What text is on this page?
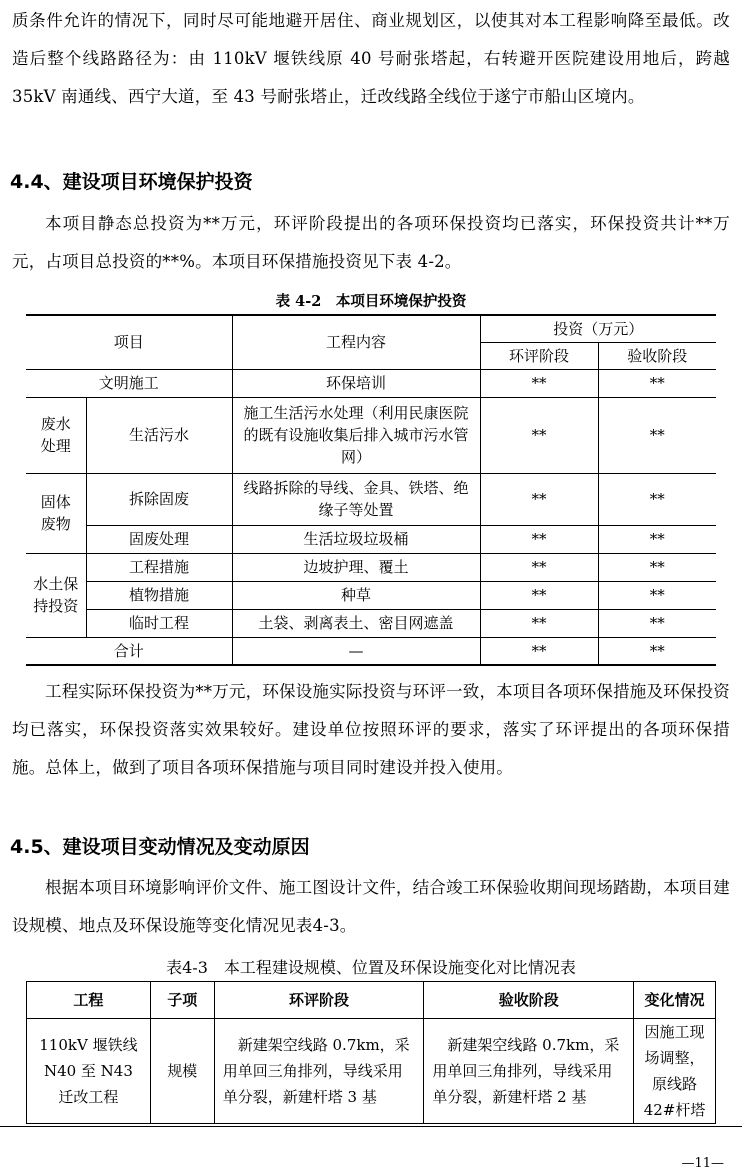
质条件允许的情况下，同时尽可能地避开居住、商业规划区，以使其对本工程影响降至最低。改造后整个线路路径为：由 110kV 堰铁线原 40 号耐张塔起，右转避开医院建设用地后，跨越 35kV 南通线、西宁大道，至 43 号耐张塔止，迁改线路全线位于遂宁市船山区境内。

4.4、建设项目环境保护投资

本项目静态总投资为**万元，环评阶段提出的各项环保投资均已落实，环保投资共计**万元，占项目总投资的**%。本项目环保措施投资见下表 4-2。

表 4-2　本项目环境保护投资
项目		工程内容	投资（万元）	
			环评阶段	验收阶段
文明施工		环保培训	**	**
废水处理	生活污水	施工生活污水处理（利用民康医院的既有设施收集后排入城市污水管网）	**	**
固体废物	拆除固废	线路拆除的导线、金具、铁塔、绝缘子等处置	**	**
	固废处理	生活垃圾垃圾桶	**	**
水土保持投资	工程措施	边坡护理、覆土	**	**
	植物措施	种草	**	**
	临时工程	土袋、剥离表土、密目网遮盖	**	**
合计		—	**	**

工程实际环保投资为**万元，环保设施实际投资与环评一致，本项目各项环保措施及环保投资均已落实，环保投资落实效果较好。建设单位按照环评的要求，落实了环评提出的各项环保措施。总体上，做到了项目各项环保措施与项目同时建设并投入使用。

4.5、建设项目变动情况及变动原因

根据本项目环境影响评价文件、施工图设计文件，结合竣工环保验收期间现场踏勘，本项目建设规模、地点及环保设施等变化情况见表4-3。

表4-3　本工程建设规模、位置及环保设施变化对比情况表
工程	子项	环评阶段	验收阶段	变化情况
110kV 堰铁线 N40 至 N43 迁改工程	规模	新建架空线路 0.7km，采用单回三角排列，导线采用单分裂，新建杆塔 3 基	新建架空线路 0.7km，采用单回三角排列，导线采用单分裂，新建杆塔 2 基	因施工现场调整，原线路 42#杆塔
—11—
